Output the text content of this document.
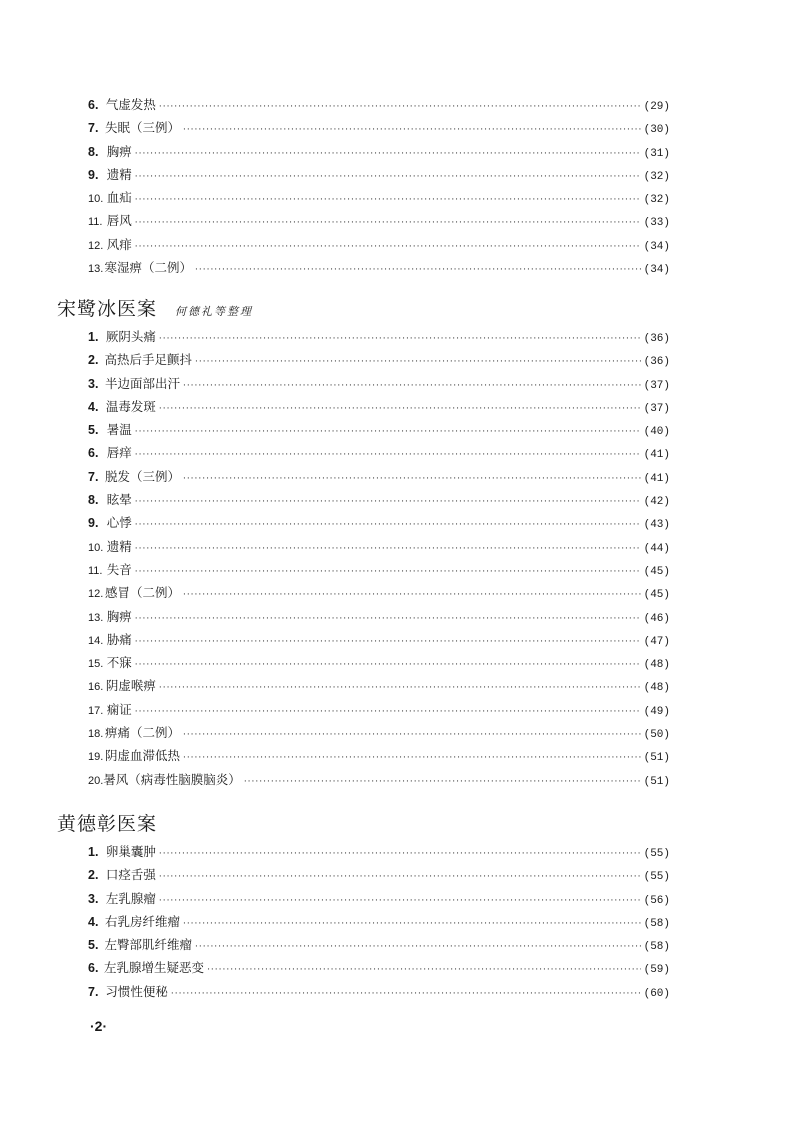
6. 气虚发热 ·····	(29)
7. 失眠（三例） ·····	(30)
8. 胸痹 ·····	(31)
9. 遗精 ·····	(32)
10. 血疝 ·····	(32)
11. 唇风 ·····	(33)
12. 风痱 ·····	(34)
13. 寒湿痹（二例） ·····	(34)
宋鹭冰医案 何德礼等整理
1. 厥阴头痛 ·····	(36)
2. 高热后手足颤抖 ·····	(36)
3. 半边面部出汗 ·····	(37)
4. 温毒发斑 ·····	(37)
5. 暑温 ·····	(40)
6. 唇痒 ·····	(41)
7. 脱发（三例） ·····	(41)
8. 眩晕 ·····	(42)
9. 心悸 ·····	(43)
10. 遗精 ·····	(44)
11. 失音 ·····	(45)
12. 感冒（二例） ·····	(45)
13. 胸痹 ·····	(46)
14. 胁痛 ·····	(47)
15. 不寐 ·····	(48)
16. 阴虚喉痹 ·····	(48)
17. 痫证 ·····	(49)
18. 痹痛（二例） ·····	(50)
19. 阴虚血滞低热 ·····	(51)
20. 暑风（病毒性脑膜脑炎） ·····	(51)
黄德彰医案
1. 卵巢囊肿 ·····	(55)
2. 口痉舌强 ·····	(55)
3. 左乳腺瘤 ·····	(56)
4. 右乳房纤维瘤 ·····	(58)
5. 左臀部肌纤维瘤 ·····	(58)
6. 左乳腺增生疑恶变 ·····	(59)
7. 习惯性便秘 ·····	(60)
·2·
